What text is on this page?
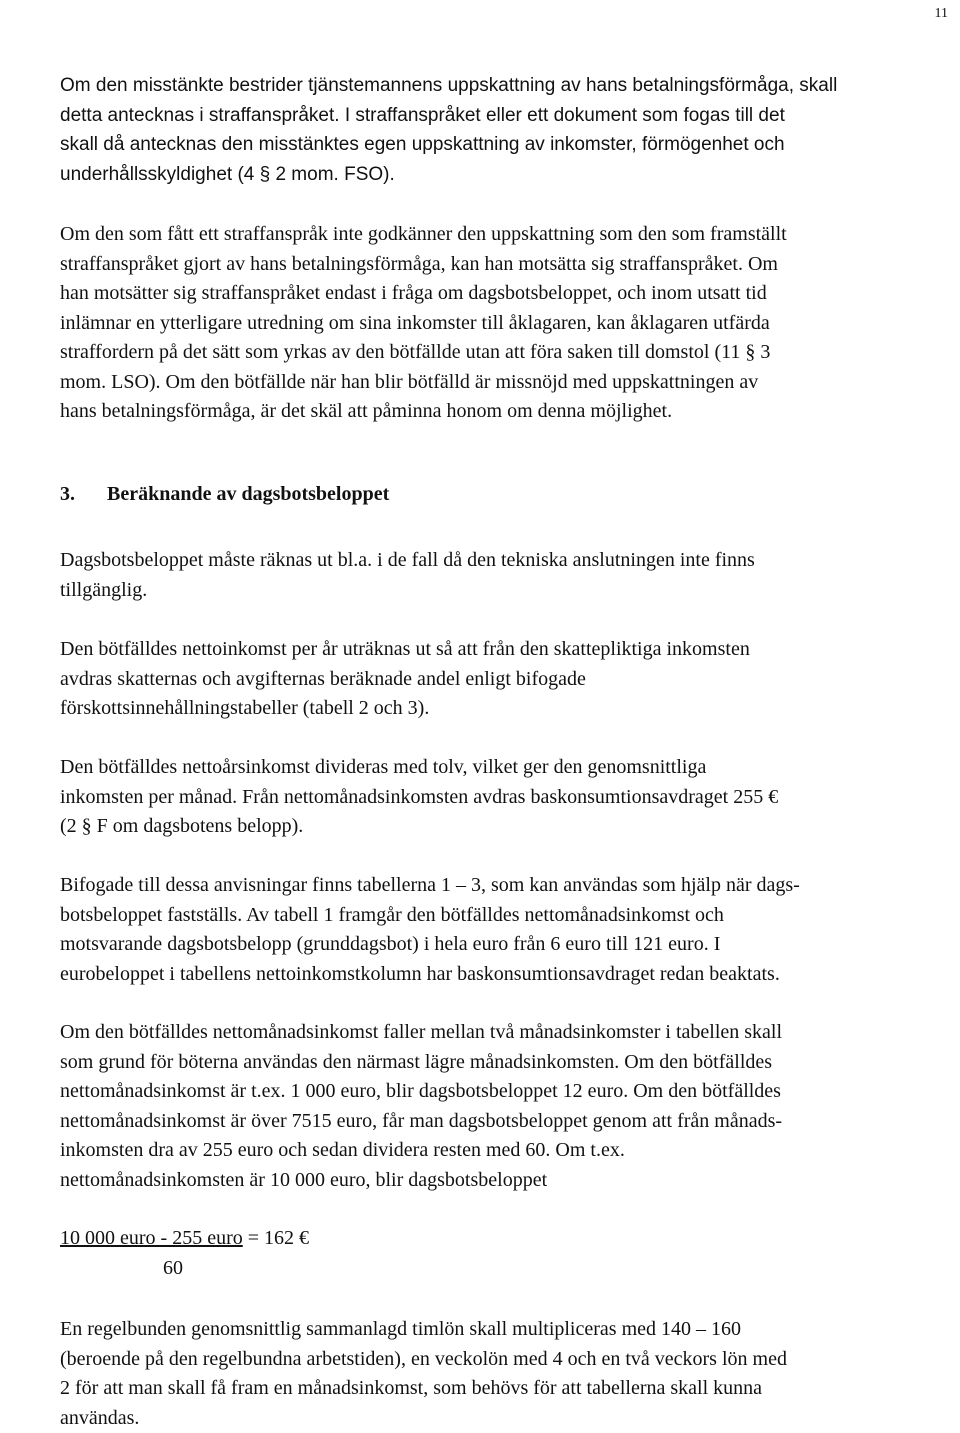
11

Om den misstänkte bestrider tjänstemannens uppskattning av hans betalningsförmåga, skall
detta antecknas i straffanspråket. I straffanspråket eller ett dokument som fogas till det
skall då antecknas den misstänktes egen uppskattning av inkomster, förmögenhet och
underhållsskyldighet (4 § 2 mom. FSO).

Om den som fått ett straffanspråk inte godkänner den uppskattning som den som framställt
straffanspråket gjort av hans betalningsförmåga, kan han motsätta sig straffanspråket. Om
han motsätter sig straffanspråket endast i fråga om dagsbotsbeloppet, och inom utsatt tid
inlämnar en ytterligare utredning om sina inkomster till åklagaren, kan åklagaren utfärda
straffordern på det sätt som yrkas av den bötfällde utan att föra saken till domstol (11 § 3
mom. LSO). Om den bötfällde när han blir bötfälld är missnöjd med uppskattningen av
hans betalningsförmåga, är det skäl att påminna honom om denna möjlighet.

3. Beräknande av dagsbotsbeloppet

Dagsbotsbeloppet måste räknas ut bl.a. i de fall då den tekniska anslutningen inte finns
tillgänglig.

Den bötfälldes nettoinkomst per år uträknas ut så att från den skattepliktiga inkomsten
avdras skatternas och avgifternas beräknade andel enligt bifogade
förskottsinnehållningstabeller (tabell 2 och 3).

Den bötfälldes nettoårsinkomst divideras med tolv, vilket ger den genomsnittliga
inkomsten per månad. Från nettomånadsinkomsten avdras baskonsumtionsavdraget 255 €
(2 § F om dagsbotens belopp).

Bifogade till dessa anvisningar finns tabellerna 1 – 3, som kan användas som hjälp när dags-
botsbeloppet fastställs. Av tabell 1 framgår den bötfälldes nettomånadsinkomst och
motsvarande dagsbotsbelopp (grunddagsbot) i hela euro från 6 euro till 121 euro. I
eurobeloppet i tabellens nettoinkomstkolumn har baskonsumtionsavdraget redan beaktats.

Om den bötfälldes nettomånadsinkomst faller mellan två månadsinkomster i tabellen skall
som grund för böterna användas den närmast lägre månadsinkomsten. Om den bötfälldes
nettomånadsinkomst är t.ex. 1 000 euro, blir dagsbotsbeloppet 12 euro. Om den bötfälldes
nettomånadsinkomst är över 7515 euro, får man dagsbotsbeloppet genom att från månads-
inkomsten dra av 255 euro och sedan dividera resten med 60. Om t.ex.
nettomånadsinkomsten är 10 000 euro, blir dagsbotsbeloppet

10 000 euro - 255 euro = 162 €
60

En regelbunden genomsnittlig sammanlagd timlön skall multipliceras med 140 – 160
(beroende på den regelbundna arbetstiden), en veckolön med 4 och en två veckors lön med
2 för att man skall få fram en månadsinkomst, som behövs för att tabellerna skall kunna
användas.
